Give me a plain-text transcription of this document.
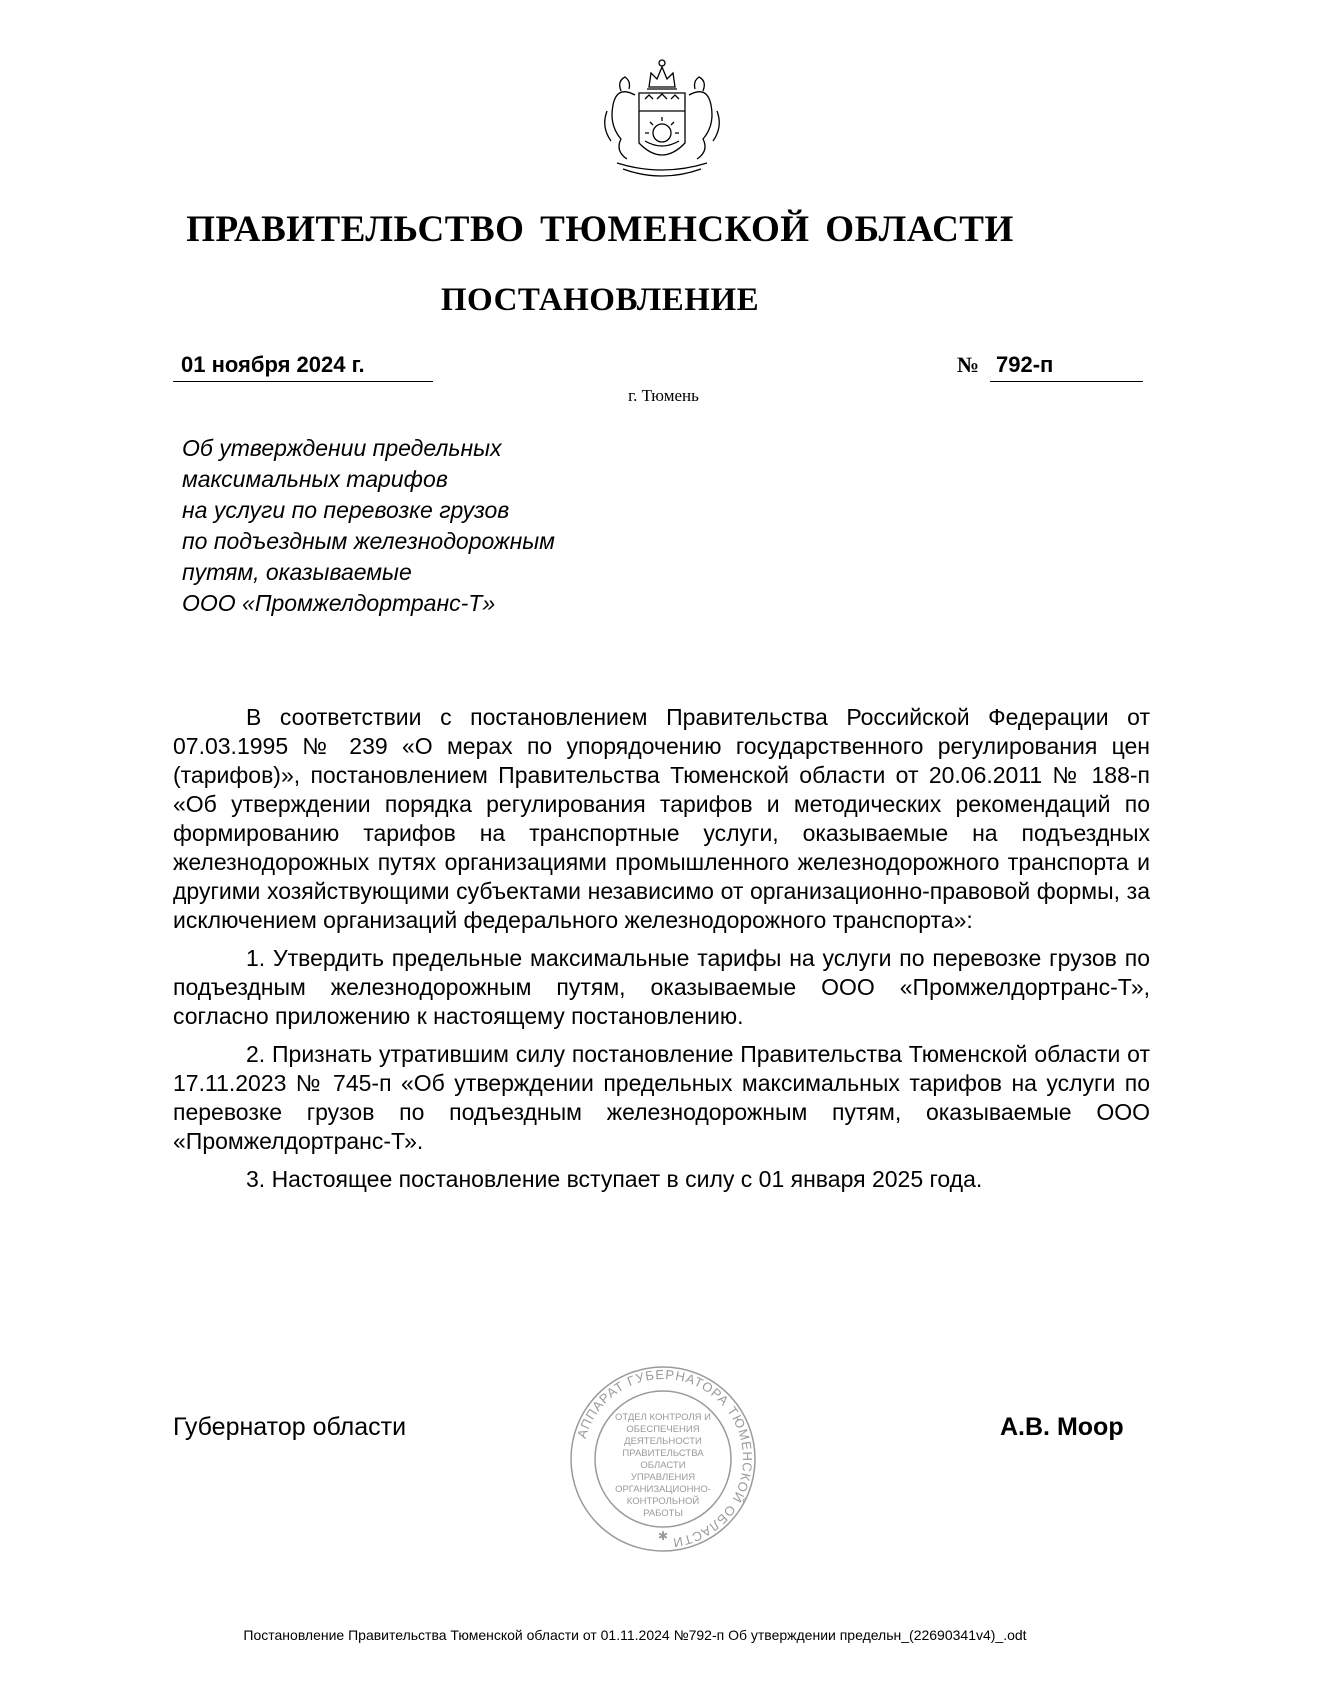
ПРАВИТЕЛЬСТВО ТЮМЕНСКОЙ ОБЛАСТИ
ПОСТАНОВЛЕНИЕ
01 ноября 2024 г.	№ 792-п
г. Тюмень
Об утверждении предельных
максимальных тарифов
на услуги по перевозке грузов
по подъездным железнодорожным
путям, оказываемые
ООО «Промжелдортранс-Т»

В соответствии с постановлением Правительства Российской Федерации от 07.03.1995 № 239 «О мерах по упорядочению государственного регулирования цен (тарифов)», постановлением Правительства Тюменской области от 20.06.2011 № 188-п «Об утверждении порядка регулирования тарифов и методических рекомендаций по формированию тарифов на транспортные услуги, оказываемые на подъездных железнодорожных путях организациями промышленного железнодорожного транспорта и другими хозяйствующими субъектами независимо от организационно-правовой формы, за исключением организаций федерального железнодорожного транспорта»:

1. Утвердить предельные максимальные тарифы на услуги по перевозке грузов по подъездным железнодорожным путям, оказываемые ООО «Промжелдортранс-Т», согласно приложению к настоящему постановлению.

2. Признать утратившим силу постановление Правительства Тюменской области от 17.11.2023 № 745-п «Об утверждении предельных максимальных тарифов на услуги по перевозке грузов по подъездным железнодорожным путям, оказываемые ООО «Промжелдортранс-Т».

3. Настоящее постановление вступает в силу с 01 января 2025 года.

Губернатор области	АППАРАТ ГУБЕРНАТОРА ТЮМЕНСКОЙ ОБЛАСТИ
ОТДЕЛ КОНТРОЛЯ И ОБЕСПЕЧЕНИЯ ДЕЯТЕЛЬНОСТИ ПРАВИТЕЛЬСТВА ОБЛАСТИ УПРАВЛЕНИЯ ОРГАНИЗАЦИОННО-КОНТРОЛЬНОЙ РАБОТЫ
✱
А.В. Моор
Постановление Правительства Тюменской области от 01.11.2024 №792-п Об утверждении предельн_(22690341v4)_.odt
